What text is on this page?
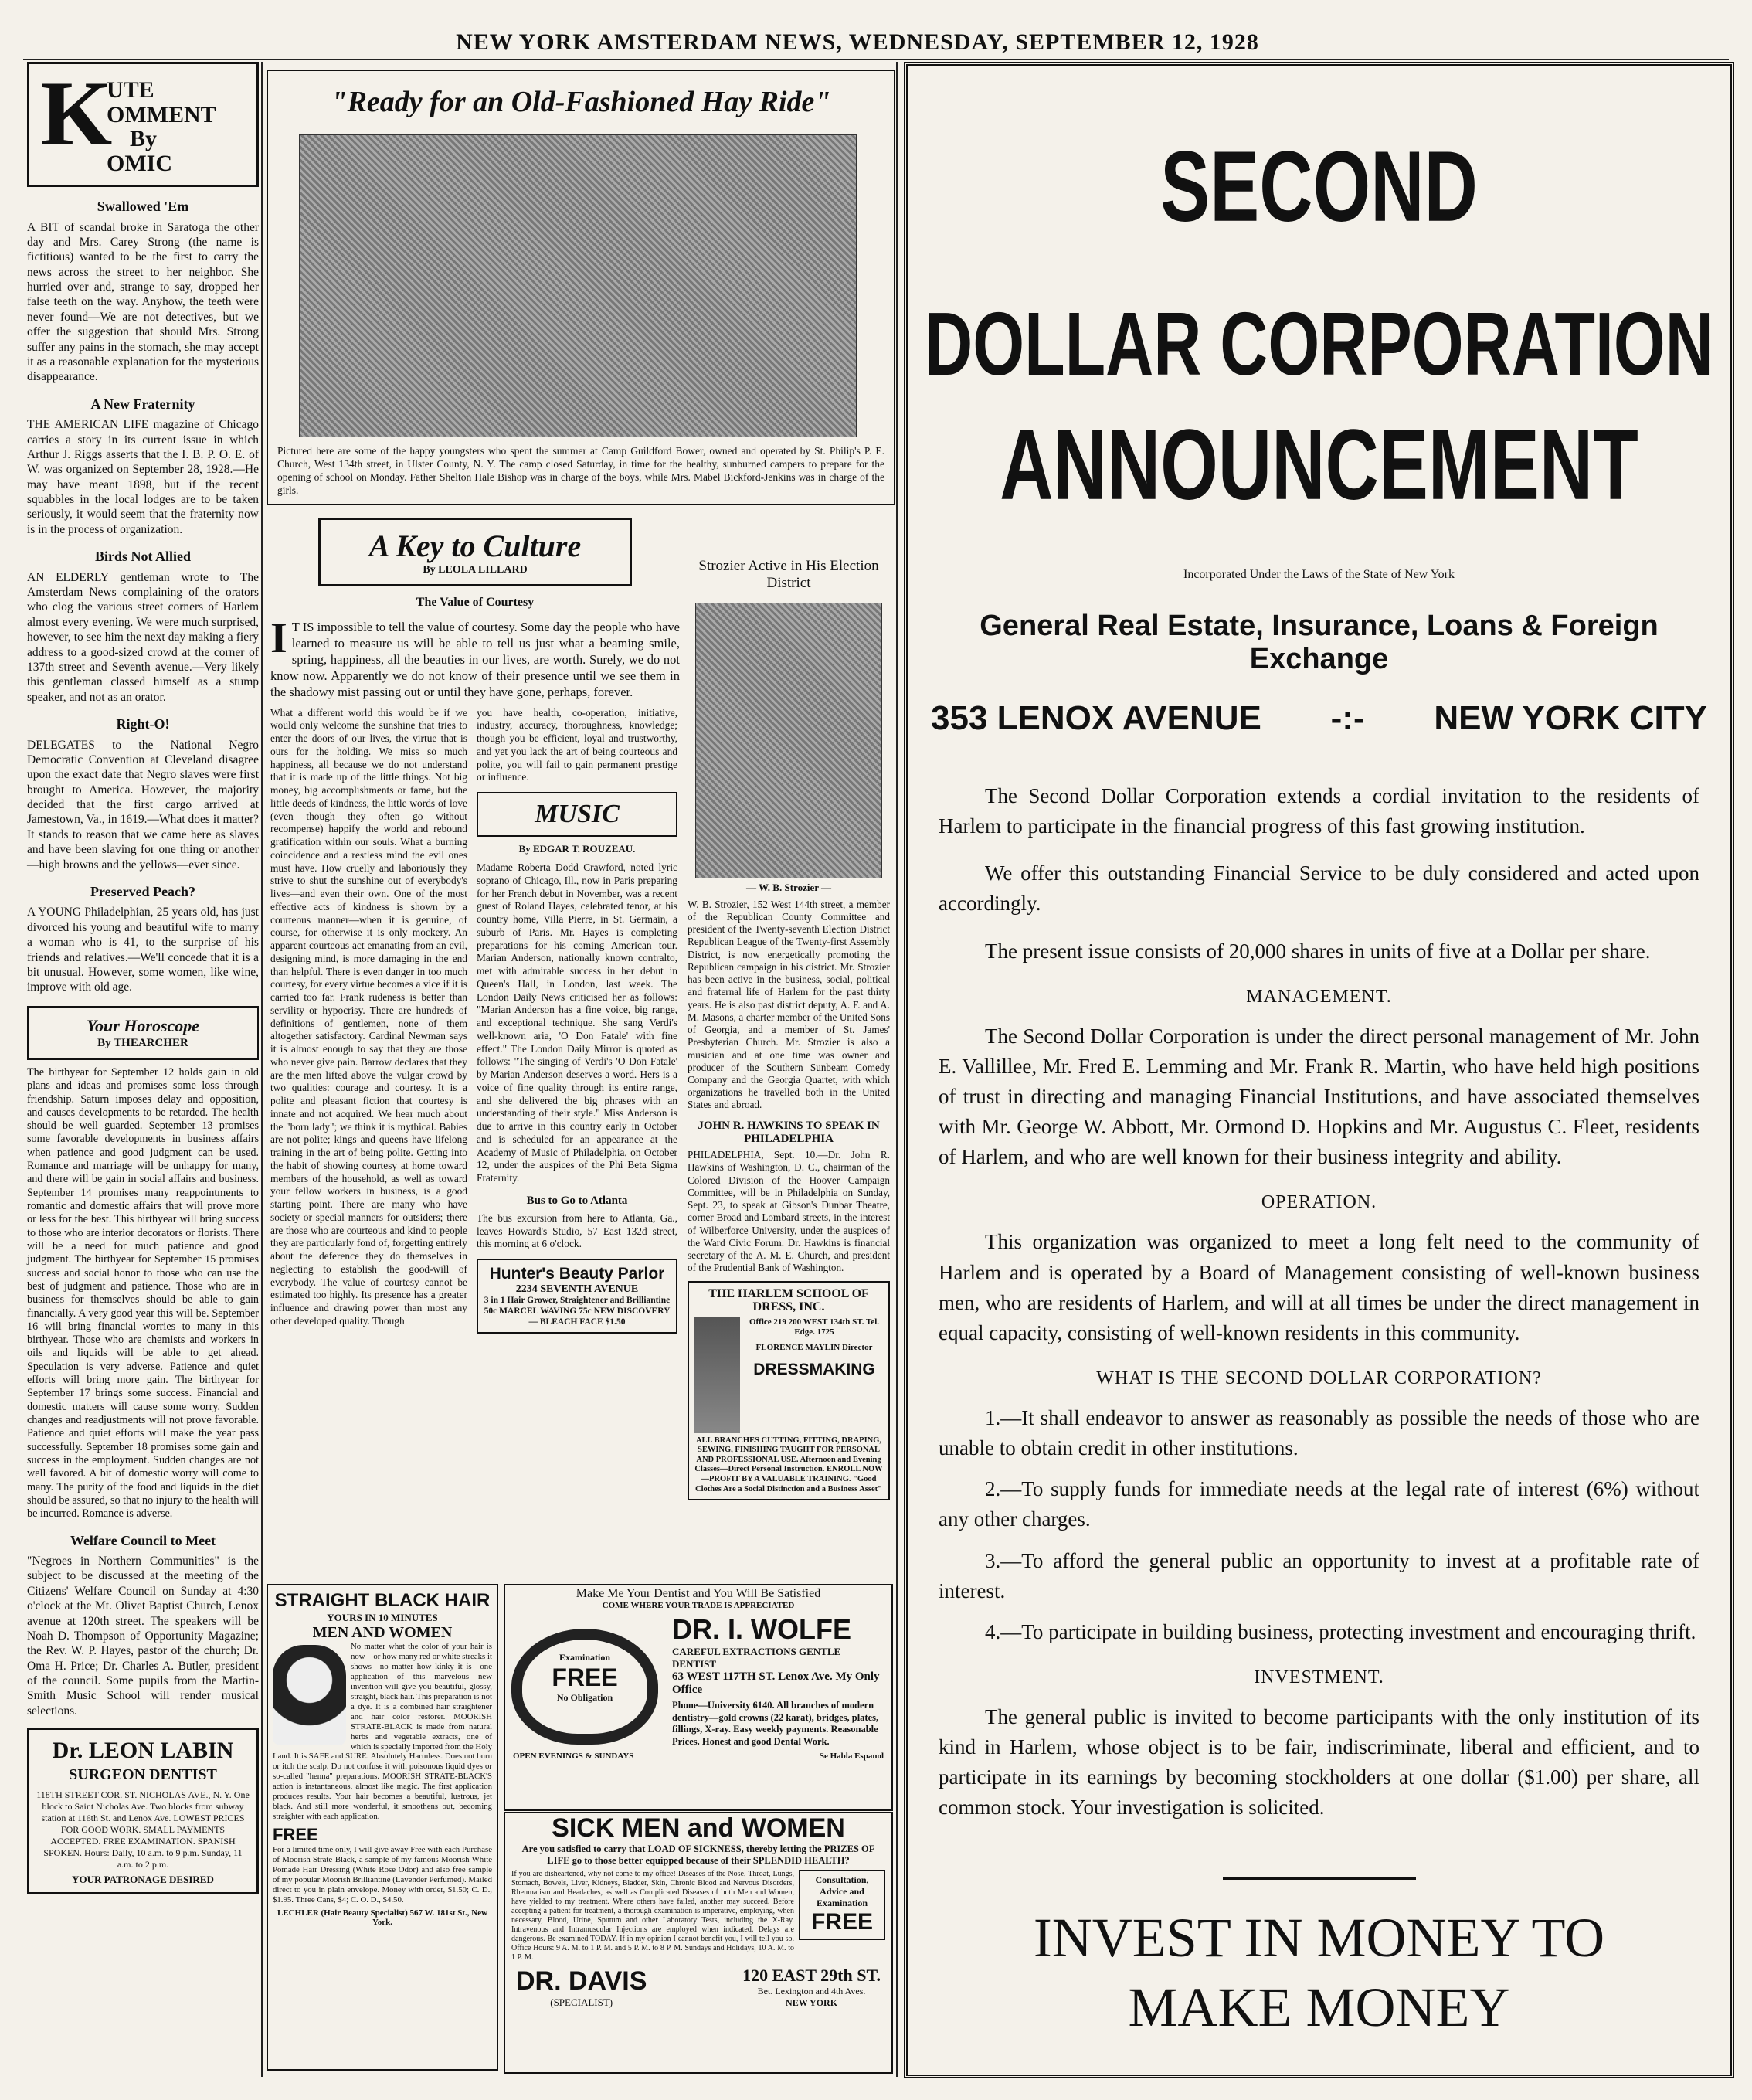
NEW YORK AMSTERDAM NEWS, WEDNESDAY, SEPTEMBER 12, 1928
K
UTE
OMMENT
By
OMIC
Swallowed 'Em

A BIT of scandal broke in Saratoga the other day and Mrs. Carey Strong (the name is fictitious) wanted to be the first to carry the news across the street to her neighbor. She hurried over and, strange to say, dropped her false teeth on the way. Anyhow, the teeth were never found—We are not detectives, but we offer the suggestion that should Mrs. Strong suffer any pains in the stomach, she may accept it as a reasonable explanation for the mysterious disappearance.

A New Fraternity

THE AMERICAN LIFE magazine of Chicago carries a story in its current issue in which Arthur J. Riggs asserts that the I. B. P. O. E. of W. was organized on September 28, 1928.—He may have meant 1898, but if the recent squabbles in the local lodges are to be taken seriously, it would seem that the fraternity now is in the process of organization.

Birds Not Allied

AN ELDERLY gentleman wrote to The Amsterdam News complaining of the orators who clog the various street corners of Harlem almost every evening. We were much surprised, however, to see him the next day making a fiery address to a good-sized crowd at the corner of 137th street and Seventh avenue.—Very likely this gentleman classed himself as a stump speaker, and not as an orator.

Right-O!

DELEGATES to the National Negro Democratic Convention at Cleveland disagree upon the exact date that Negro slaves were first brought to America. However, the majority decided that the first cargo arrived at Jamestown, Va., in 1619.—What does it matter? It stands to reason that we came here as slaves and have been slaving for one thing or another—high browns and the yellows—ever since.

Preserved Peach?

A YOUNG Philadelphian, 25 years old, has just divorced his young and beautiful wife to marry a woman who is 41, to the surprise of his friends and relatives.—We'll concede that it is a bit unusual. However, some women, like wine, improve with old age.

Your Horoscope
By THEARCHER

The birthyear for September 12 holds gain in old plans and ideas and promises some loss through friendship. Saturn imposes delay and opposition, and causes developments to be retarded. The health should be well guarded. September 13 promises some favorable developments in business affairs when patience and good judgment can be used. Romance and marriage will be unhappy for many, and there will be gain in social affairs and business. September 14 promises many reappointments to romantic and domestic affairs that will prove more or less for the best. This birthyear will bring success to those who are interior decorators or florists. There will be a need for much patience and good judgment. The birthyear for September 15 promises success and social honor to those who can use the best of judgment and patience. Those who are in business for themselves should be able to gain financially. A very good year this will be. September 16 will bring financial worries to many in this birthyear. Those who are chemists and workers in oils and liquids will be able to get ahead. Speculation is very adverse. Patience and quiet efforts will bring more gain. The birthyear for September 17 brings some success. Financial and domestic matters will cause some worry. Sudden changes and readjustments will not prove favorable. Patience and quiet efforts will make the year pass successfully. September 18 promises some gain and success in the employment. Sudden changes are not well favored. A bit of domestic worry will come to many. The purity of the food and liquids in the diet should be assured, so that no injury to the health will be incurred. Romance is adverse.

Welfare Council to Meet

"Negroes in Northern Communities" is the subject to be discussed at the meeting of the Citizens' Welfare Council on Sunday at 4:30 o'clock at the Mt. Olivet Baptist Church, Lenox avenue at 120th street. The speakers will be Noah D. Thompson of Opportunity Magazine; the Rev. W. P. Hayes, pastor of the church; Dr. Oma H. Price; Dr. Charles A. Butler, president of the council. Some pupils from the Martin-Smith Music School will render musical selections.

Dr. LEON LABIN
SURGEON DENTIST
118TH STREET COR. ST. NICHOLAS AVE., N. Y. One block to Saint Nicholas Ave. Two blocks from subway station at 116th St. and Lenox Ave. LOWEST PRICES FOR GOOD WORK. SMALL PAYMENTS ACCEPTED. FREE EXAMINATION. SPANISH SPOKEN. Hours: Daily, 10 a.m. to 9 p.m. Sunday, 11 a.m. to 2 p.m.
YOUR PATRONAGE DESIRED
"Ready for an Old-Fashioned Hay Ride"
Pictured here are some of the happy youngsters who spent the summer at Camp Guildford Bower, owned and operated by St. Philip's P. E. Church, West 134th street, in Ulster County, N. Y. The camp closed Saturday, in time for the healthy, sunburned campers to prepare for the opening of school on Monday. Father Shelton Hale Bishop was in charge of the boys, while Mrs. Mabel Bickford-Jenkins was in charge of the girls.
A Key to Culture
By LEOLA LILLARD
The Value of Courtesy
I T IS impossible to tell the value of courtesy. Some day the people who have learned to measure us will be able to tell us just what a beaming smile, spring, happiness, all the beauties in our lives, are worth. Surely, we do not know now. Apparently we do not know of their presence until we see them in the shadowy mist passing out or until they have gone, perhaps, forever.
What a different world this would be if we would only welcome the sunshine that tries to enter the doors of our lives, the virtue that is ours for the holding. We miss so much happiness, all because we do not understand that it is made up of the little things. Not big money, big accomplishments or fame, but the little deeds of kindness, the little words of love (even though they often go without recompense) happify the world and rebound gratification within our souls. What a burning coincidence and a restless mind the evil ones must have. How cruelly and laboriously they strive to shut the sunshine out of everybody's lives—and even their own. One of the most effective acts of kindness is shown by a courteous manner—when it is genuine, of course, for otherwise it is only mockery. An apparent courteous act emanating from an evil, designing mind, is more damaging in the end than helpful. There is even danger in too much courtesy, for every virtue becomes a vice if it is carried too far. Frank rudeness is better than servility or hypocrisy. There are hundreds of definitions of gentlemen, none of them altogether satisfactory. Cardinal Newman says it is almost enough to say that they are those who never give pain. Barrow declares that they are the men lifted above the vulgar crowd by two qualities: courage and courtesy. It is a polite and pleasant fiction that courtesy is innate and not acquired. We hear much about the "born lady"; we think it is mythical. Babies are not polite; kings and queens have lifelong training in the art of being polite. Getting into the habit of showing courtesy at home toward members of the household, as well as toward your fellow workers in business, is a good starting point. There are many who have society or special manners for outsiders; there are those who are courteous and kind to people they are particularly fond of, forgetting entirely about the deference they do themselves in neglecting to establish the good-will of everybody. The value of courtesy cannot be estimated too highly. Its presence has a greater influence and drawing power than most any other developed quality. Though
you have health, co-operation, initiative, industry, accuracy, thoroughness, knowledge; though you be efficient, loyal and trustworthy, and yet you lack the art of being courteous and polite, you will fail to gain permanent prestige or influence.
MUSIC
By EDGAR T. ROUZEAU.
Madame Roberta Dodd Crawford, noted lyric soprano of Chicago, Ill., now in Paris preparing for her French debut in November, was a recent guest of Roland Hayes, celebrated tenor, at his country home, Villa Pierre, in St. Germain, a suburb of Paris. Mr. Hayes is completing preparations for his coming American tour. Marian Anderson, nationally known contralto, met with admirable success in her debut in Queen's Hall, in London, last week. The London Daily News criticised her as follows: "Marian Anderson has a fine voice, big range, and exceptional technique. She sang Verdi's well-known aria, 'O Don Fatale' with fine effect." The London Daily Mirror is quoted as follows: "The singing of Verdi's 'O Don Fatale' by Marian Anderson deserves a word. Hers is a voice of fine quality through its entire range, and she delivered the big phrases with an understanding of their style." Miss Anderson is due to arrive in this country early in October and is scheduled for an appearance at the Academy of Music of Philadelphia, on October 12, under the auspices of the Phi Beta Sigma Fraternity.
Bus to Go to Atlanta
The bus excursion from here to Atlanta, Ga., leaves Howard's Studio, 57 East 132d street, this morning at 6 o'clock.
Hunter's Beauty Parlor
2234 SEVENTH AVENUE
3 in 1 Hair Grower, Straightener and Brilliantine 50c MARCEL WAVING 75c NEW DISCOVERY— BLEACH FACE $1.50
Strozier Active in His Election District
— W. B. Strozier —
W. B. Strozier, 152 West 144th street, a member of the Republican County Committee and president of the Twenty-seventh Election District Republican League of the Twenty-first Assembly District, is now energetically promoting the Republican campaign in his district. Mr. Strozier has been active in the business, social, political and fraternal life of Harlem for the past thirty years. He is also past district deputy, A. F. and A. M. Masons, a charter member of the United Sons of Georgia, and a member of St. James' Presbyterian Church. Mr. Strozier is also a musician and at one time was owner and producer of the Southern Sunbeam Comedy Company and the Georgia Quartet, with which organizations he travelled both in the United States and abroad.
JOHN R. HAWKINS TO SPEAK IN PHILADELPHIA
PHILADELPHIA, Sept. 10.—Dr. John R. Hawkins of Washington, D. C., chairman of the Colored Division of the Hoover Campaign Committee, will be in Philadelphia on Sunday, Sept. 23, to speak at Gibson's Dunbar Theatre, corner Broad and Lombard streets, in the interest of Wilberforce University, under the auspices of the Ward Civic Forum. Dr. Hawkins is financial secretary of the A. M. E. Church, and president of the Prudential Bank of Washington.
THE HARLEM SCHOOL OF DRESS, INC.
Office 219 200 WEST 134th ST. Tel. Edge. 1725
FLORENCE MAYLIN Director
DRESSMAKING
ALL BRANCHES CUTTING, FITTING, DRAPING, SEWING, FINISHING TAUGHT FOR PERSONAL AND PROFESSIONAL USE. Afternoon and Evening Classes—Direct Personal Instruction. ENROLL NOW—PROFIT BY A VALUABLE TRAINING. "Good Clothes Are a Social Distinction and a Business Asset"
STRAIGHT BLACK HAIR
YOURS IN 10 MINUTES
MEN AND WOMEN
No matter what the color of your hair is now—or how many red or white streaks it shows—no matter how kinky it is—one application of this marvelous new invention will give you beautiful, glossy, straight, black hair. This preparation is not a dye. It is a combined hair straightener and hair color restorer. MOORISH STRATE-BLACK is made from natural herbs and vegetable extracts, one of which is specially imported from the Holy Land. It is SAFE and SURE. Absolutely Harmless. Does not burn or itch the scalp. Do not confuse it with poisonous liquid dyes or so-called "henna" preparations. MOORISH STRATE-BLACK'S action is instantaneous, almost like magic. The first application produces results. Your hair becomes a beautiful, lustrous, jet black. And still more wonderful, it smoothens out, becoming straighter with each application.
FREE
For a limited time only, I will give away Free with each Purchase of Moorish Strate-Black, a sample of my famous Moorish White Pomade Hair Dressing (White Rose Odor) and also free sample of my popular Moorish Brilliantine (Lavender Perfumed). Mailed direct to you in plain envelope. Money with order, $1.50; C. D., $1.95. Three Cans, $4; C. O. D., $4.50.
LECHLER (Hair Beauty Specialist) 567 W. 181st St., New York.
Make Me Your Dentist and You Will Be Satisfied
COME WHERE YOUR TRADE IS APPRECIATED
Examination
FREE
No Obligation
DR. I. WOLFE
CAREFUL EXTRACTIONS GENTLE DENTIST
63 WEST 117TH ST. Lenox Ave. My Only Office
Phone—University 6140. All branches of modern dentistry—gold crowns (22 karat), bridges, plates, fillings, X-ray. Easy weekly payments. Reasonable Prices. Honest and good Dental Work.
OPEN EVENINGS & SUNDAYS	Se Habla Espanol
SICK MEN and WOMEN
Are you satisfied to carry that LOAD OF SICKNESS, thereby letting the PRIZES OF LIFE go to those better equipped because of their SPLENDID HEALTH?
If you are disheartened, why not come to my office! Diseases of the Nose, Throat, Lungs, Stomach, Bowels, Liver, Kidneys, Bladder, Skin, Chronic Blood and Nervous Disorders, Rheumatism and Headaches, as well as Complicated Diseases of both Men and Women, have yielded to my treatment. Where others have failed, another may succeed. Before accepting a patient for treatment, a thorough examination is imperative, employing, when necessary, Blood, Urine, Sputum and other Laboratory Tests, including the X-Ray. Intravenous and Intramuscular Injections are employed when indicated. Delays are dangerous. Be examined TODAY. If in my opinion I cannot benefit you, I will tell you so. Office Hours: 9 A. M. to 1 P. M. and 5 P. M. to 8 P. M. Sundays and Holidays, 10 A. M. to 1 P. M.
Consultation, Advice and Examination
FREE
DR. DAVIS
(SPECIALIST)
120 EAST 29th ST.
Bet. Lexington and 4th Aves.
NEW YORK
SECOND
DOLLAR CORPORATION
ANNOUNCEMENT
Incorporated Under the Laws of the State of New York
General Real Estate, Insurance, Loans & Foreign Exchange
353 LENOX AVENUE -:- NEW YORK CITY

The Second Dollar Corporation extends a cordial invitation to the residents of Harlem to participate in the financial progress of this fast growing institution.

We offer this outstanding Financial Service to be duly considered and acted upon accordingly.

The present issue consists of 20,000 shares in units of five at a Dollar per share.

MANAGEMENT.

The Second Dollar Corporation is under the direct personal management of Mr. John E. Vallillee, Mr. Fred E. Lemming and Mr. Frank R. Martin, who have held high positions of trust in directing and managing Financial Institutions, and have associated themselves with Mr. George W. Abbott, Mr. Ormond D. Hopkins and Mr. Augustus C. Fleet, residents of Harlem, and who are well known for their business integrity and ability.

OPERATION.

This organization was organized to meet a long felt need to the community of Harlem and is operated by a Board of Management consisting of well-known business men, who are residents of Harlem, and will at all times be under the direct management in equal capacity, consisting of well-known residents in this community.

WHAT IS THE SECOND DOLLAR CORPORATION?

1.—It shall endeavor to answer as reasonably as possible the needs of those who are unable to obtain credit in other institutions.

2.—To supply funds for immediate needs at the legal rate of interest (6%) without any other charges.

3.—To afford the general public an opportunity to invest at a profitable rate of interest.

4.—To participate in building business, protecting investment and encouraging thrift.

INVESTMENT.

The general public is invited to become participants with the only institution of its kind in Harlem, whose object is to be fair, indiscriminate, liberal and efficient, and to participate in its earnings by becoming stockholders at one dollar ($1.00) per share, all common stock. Your investigation is solicited.

INVEST IN MONEY TO
MAKE MONEY
